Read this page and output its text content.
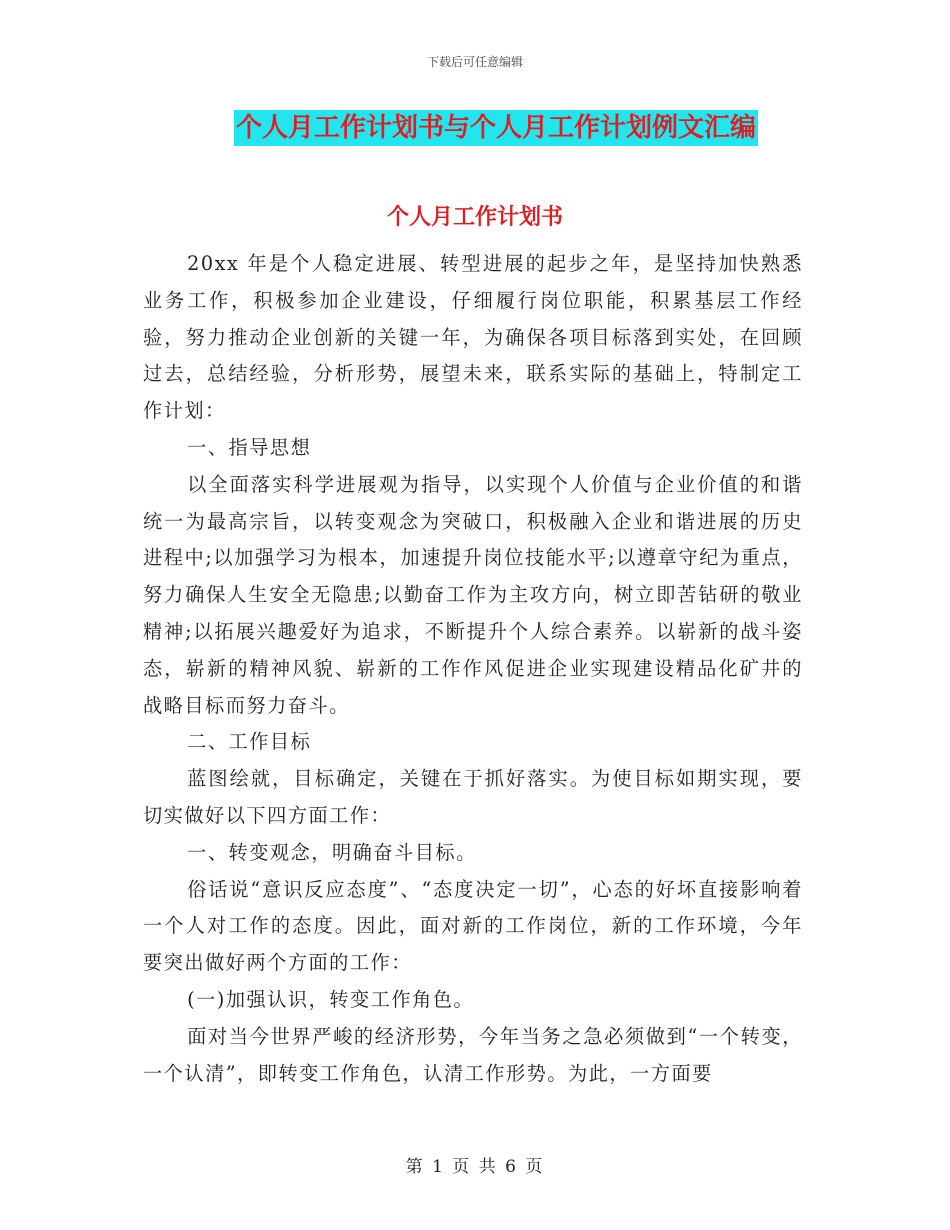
下载后可任意编辑
个人月工作计划书与个人月工作计划例文汇编
个人月工作计划书

20xx 年是个人稳定进展、转型进展的起步之年，是坚持加快熟悉业务工作，积极参加企业建设，仔细履行岗位职能，积累基层工作经验，努力推动企业创新的关键一年，为确保各项目标落到实处，在回顾过去，总结经验，分析形势，展望未来，联系实际的基础上，特制定工作计划：

一、指导思想

以全面落实科学进展观为指导，以实现个人价值与企业价值的和谐统一为最高宗旨，以转变观念为突破口，积极融入企业和谐进展的历史进程中;以加强学习为根本，加速提升岗位技能水平;以遵章守纪为重点，努力确保人生安全无隐患;以勤奋工作为主攻方向，树立即苦钻研的敬业精神;以拓展兴趣爱好为追求，不断提升个人综合素养。以崭新的战斗姿态，崭新的精神风貌、崭新的工作作风促进企业实现建设精品化矿井的战略目标而努力奋斗。

二、工作目标

蓝图绘就，目标确定，关键在于抓好落实。为使目标如期实现，要切实做好以下四方面工作：

一、转变观念，明确奋斗目标。

俗话说“意识反应态度”、“态度决定一切”，心态的好坏直接影响着一个人对工作的态度。因此，面对新的工作岗位，新的工作环境，今年要突出做好两个方面的工作：

(一)加强认识，转变工作角色。

面对当今世界严峻的经济形势，今年当务之急必须做到“一个转变，一个认清”，即转变工作角色，认清工作形势。为此，一方面要

第 1 页 共 6 页
